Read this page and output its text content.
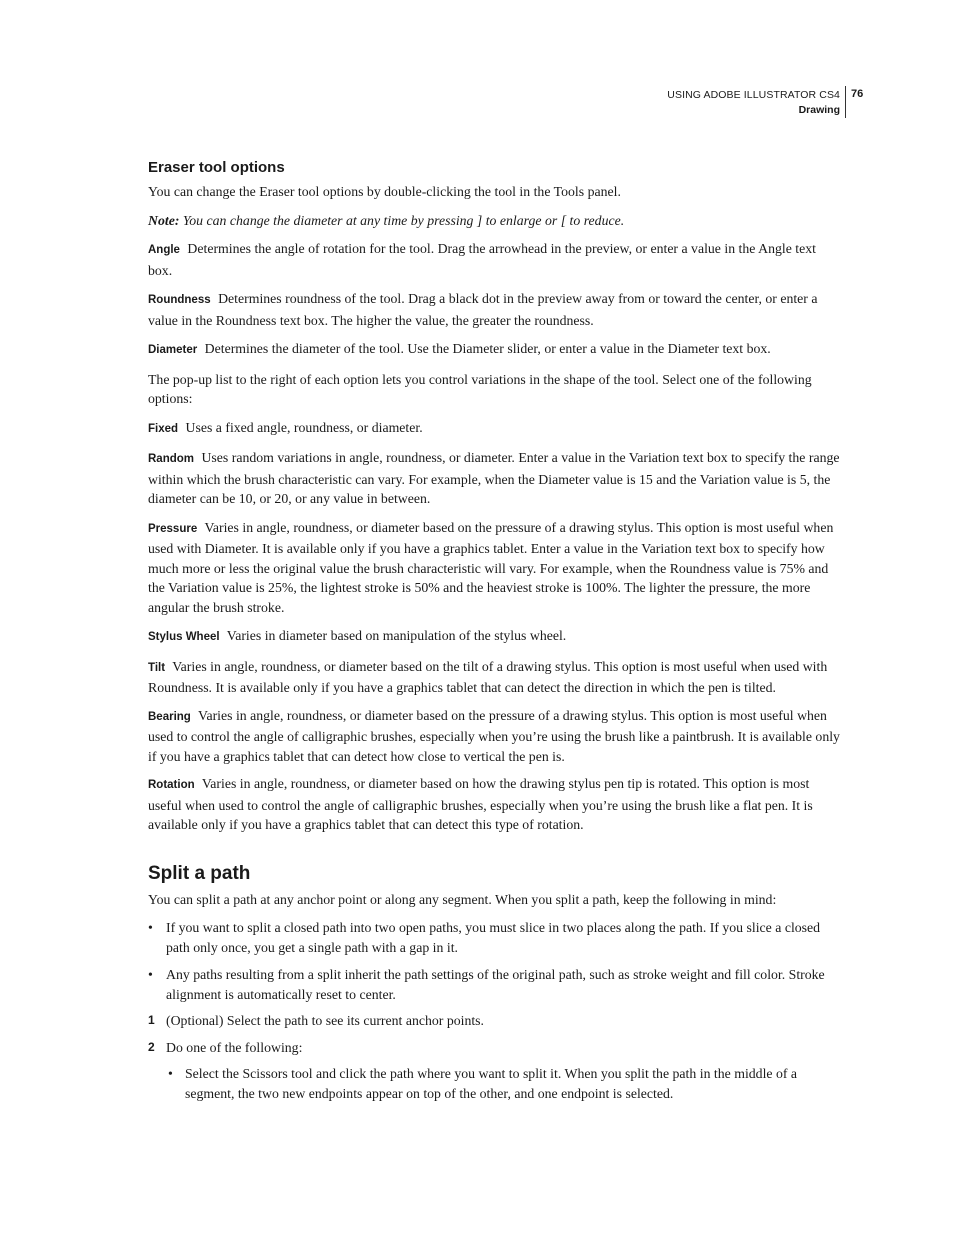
USING ADOBE ILLUSTRATOR CS4
Drawing
76
Eraser tool options

You can change the Eraser tool options by double-clicking the tool in the Tools panel.

Note: You can change the diameter at any time by pressing ] to enlarge or [ to reduce.

Angle Determines the angle of rotation for the tool. Drag the arrowhead in the preview, or enter a value in the Angle text box.

Roundness Determines roundness of the tool. Drag a black dot in the preview away from or toward the center, or enter a value in the Roundness text box. The higher the value, the greater the roundness.

Diameter Determines the diameter of the tool. Use the Diameter slider, or enter a value in the Diameter text box.

The pop-up list to the right of each option lets you control variations in the shape of the tool. Select one of the following options:

Fixed Uses a fixed angle, roundness, or diameter.

Random Uses random variations in angle, roundness, or diameter. Enter a value in the Variation text box to specify the range within which the brush characteristic can vary. For example, when the Diameter value is 15 and the Variation value is 5, the diameter can be 10, or 20, or any value in between.

Pressure Varies in angle, roundness, or diameter based on the pressure of a drawing stylus. This option is most useful when used with Diameter. It is available only if you have a graphics tablet. Enter a value in the Variation text box to specify how much more or less the original value the brush characteristic will vary. For example, when the Roundness value is 75% and the Variation value is 25%, the lightest stroke is 50% and the heaviest stroke is 100%. The lighter the pressure, the more angular the brush stroke.

Stylus Wheel Varies in diameter based on manipulation of the stylus wheel.

Tilt Varies in angle, roundness, or diameter based on the tilt of a drawing stylus. This option is most useful when used with Roundness. It is available only if you have a graphics tablet that can detect the direction in which the pen is tilted.

Bearing Varies in angle, roundness, or diameter based on the pressure of a drawing stylus. This option is most useful when used to control the angle of calligraphic brushes, especially when you’re using the brush like a paintbrush. It is available only if you have a graphics tablet that can detect how close to vertical the pen is.

Rotation Varies in angle, roundness, or diameter based on how the drawing stylus pen tip is rotated. This option is most useful when used to control the angle of calligraphic brushes, especially when you’re using the brush like a flat pen. It is available only if you have a graphics tablet that can detect this type of rotation.

Split a path

You can split a path at any anchor point or along any segment. When you split a path, keep the following in mind:

• If you want to split a closed path into two open paths, you must slice in two places along the path. If you slice a closed path only once, you get a single path with a gap in it.

• Any paths resulting from a split inherit the path settings of the original path, such as stroke weight and fill color. Stroke alignment is automatically reset to center.

1 (Optional) Select the path to see its current anchor points.

2 Do one of the following:

• Select the Scissors tool and click the path where you want to split it. When you split the path in the middle of a segment, the two new endpoints appear on top of the other, and one endpoint is selected.
